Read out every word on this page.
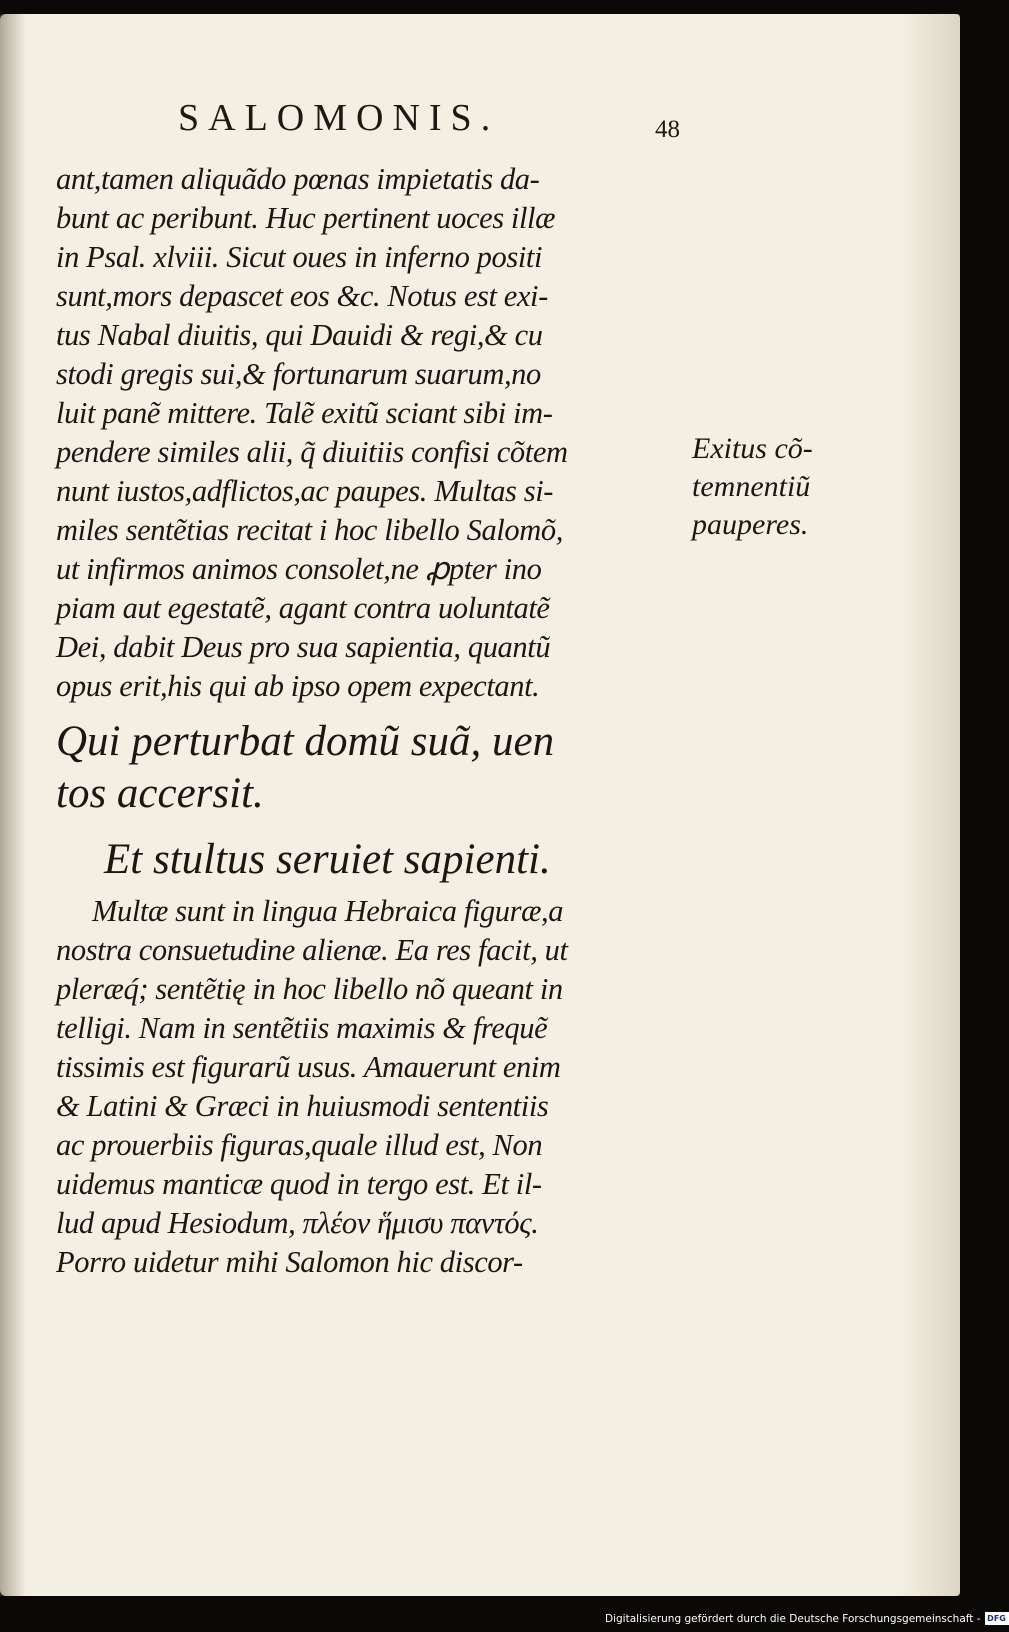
SALOMONIS.	48
ant,tamen aliquãdo pœnas impietatis da-
bunt ac peribunt. Huc pertinent uoces illæ
in Psal. xlviii. Sicut oues in inferno positi
sunt,mors depascet eos &c. Notus est exi-
tus Nabal diuitis, qui Dauidi & regi,& cu
stodi gregis sui,& fortunarum suarum,no
luit panẽ mittere. Talẽ exitũ sciant sibi im-
pendere similes alii, q̃ diuitiis confisi cõtem
nunt iustos,adflictos,ac paupes. Multas si-
miles sentẽtias recitat i hoc libello Salomõ,
ut infirmos animos consolet,ne ꝓpter ino
piam aut egestatẽ, agant contra uoluntatẽ
Dei, dabit Deus pro sua sapientia, quantũ
opus erit,his qui ab ipso opem expectant.
Qui perturbat domũ suã, uen
tos accersit.
Et stultus seruiet sapienti.
Multæ sunt in lingua Hebraica figuræ,a
nostra consuetudine alienæ. Ea res facit, ut
pleræq́; sentẽtię in hoc libello nõ queant in
telligi. Nam in sentẽtiis maximis & frequẽ
tissimis est figurarũ usus. Amauerunt enim
& Latini & Græci in huiusmodi sententiis
ac prouerbiis figuras,quale illud est, Non
uidemus manticæ quod in tergo est. Et il-
lud apud Hesiodum, πλέον ἥμισυ παντός.
Porro uidetur mihi Salomon hic discor-
Exitus cõ-
temnentiũ
pauperes.
Digitalisierung gefördert durch die Deutsche Forschungsgemeinschaft - DFG
